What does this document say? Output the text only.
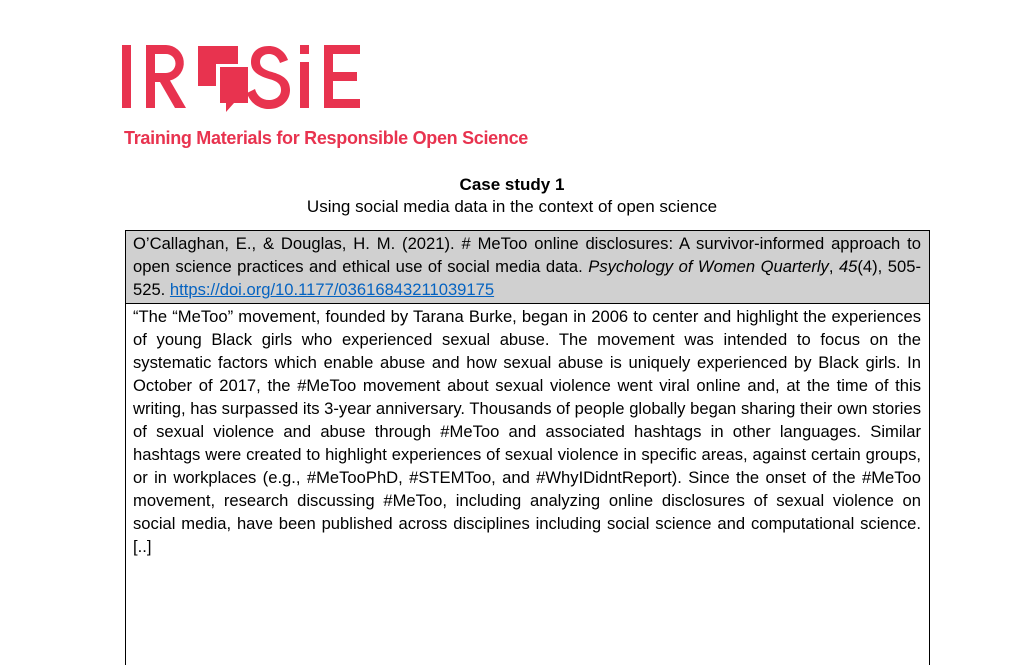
Training Materials for Responsible Open Science
Case study 1
Using social media data in the context of open science
O’Callaghan, E., & Douglas, H. M. (2021). # MeToo online disclosures: A survivor-informed approach to open science practices and ethical use of social media data. Psychology of Women Quarterly, 45(4), 505-525. https://doi.org/10.1177/03616843211039175
“The “MeToo” movement, founded by Tarana Burke, began in 2006 to center and highlight the experiences of young Black girls who experienced sexual abuse. The movement was intended to focus on the systematic factors which enable abuse and how sexual abuse is uniquely experienced by Black girls. In October of 2017, the #MeToo movement about sexual violence went viral online and, at the time of this writing, has surpassed its 3-year anniversary. Thousands of people globally began sharing their own stories of sexual violence and abuse through #MeToo and associated hashtags in other languages. Similar hashtags were created to highlight experiences of sexual violence in specific areas, against certain groups, or in workplaces (e.g., #MeTooPhD, #STEMToo, and #WhyIDidntReport). Since the onset of the #MeToo movement, research discussing #MeToo, including analyzing online disclosures of sexual violence on social media, have been published across disciplines including social science and computational science. [..]
